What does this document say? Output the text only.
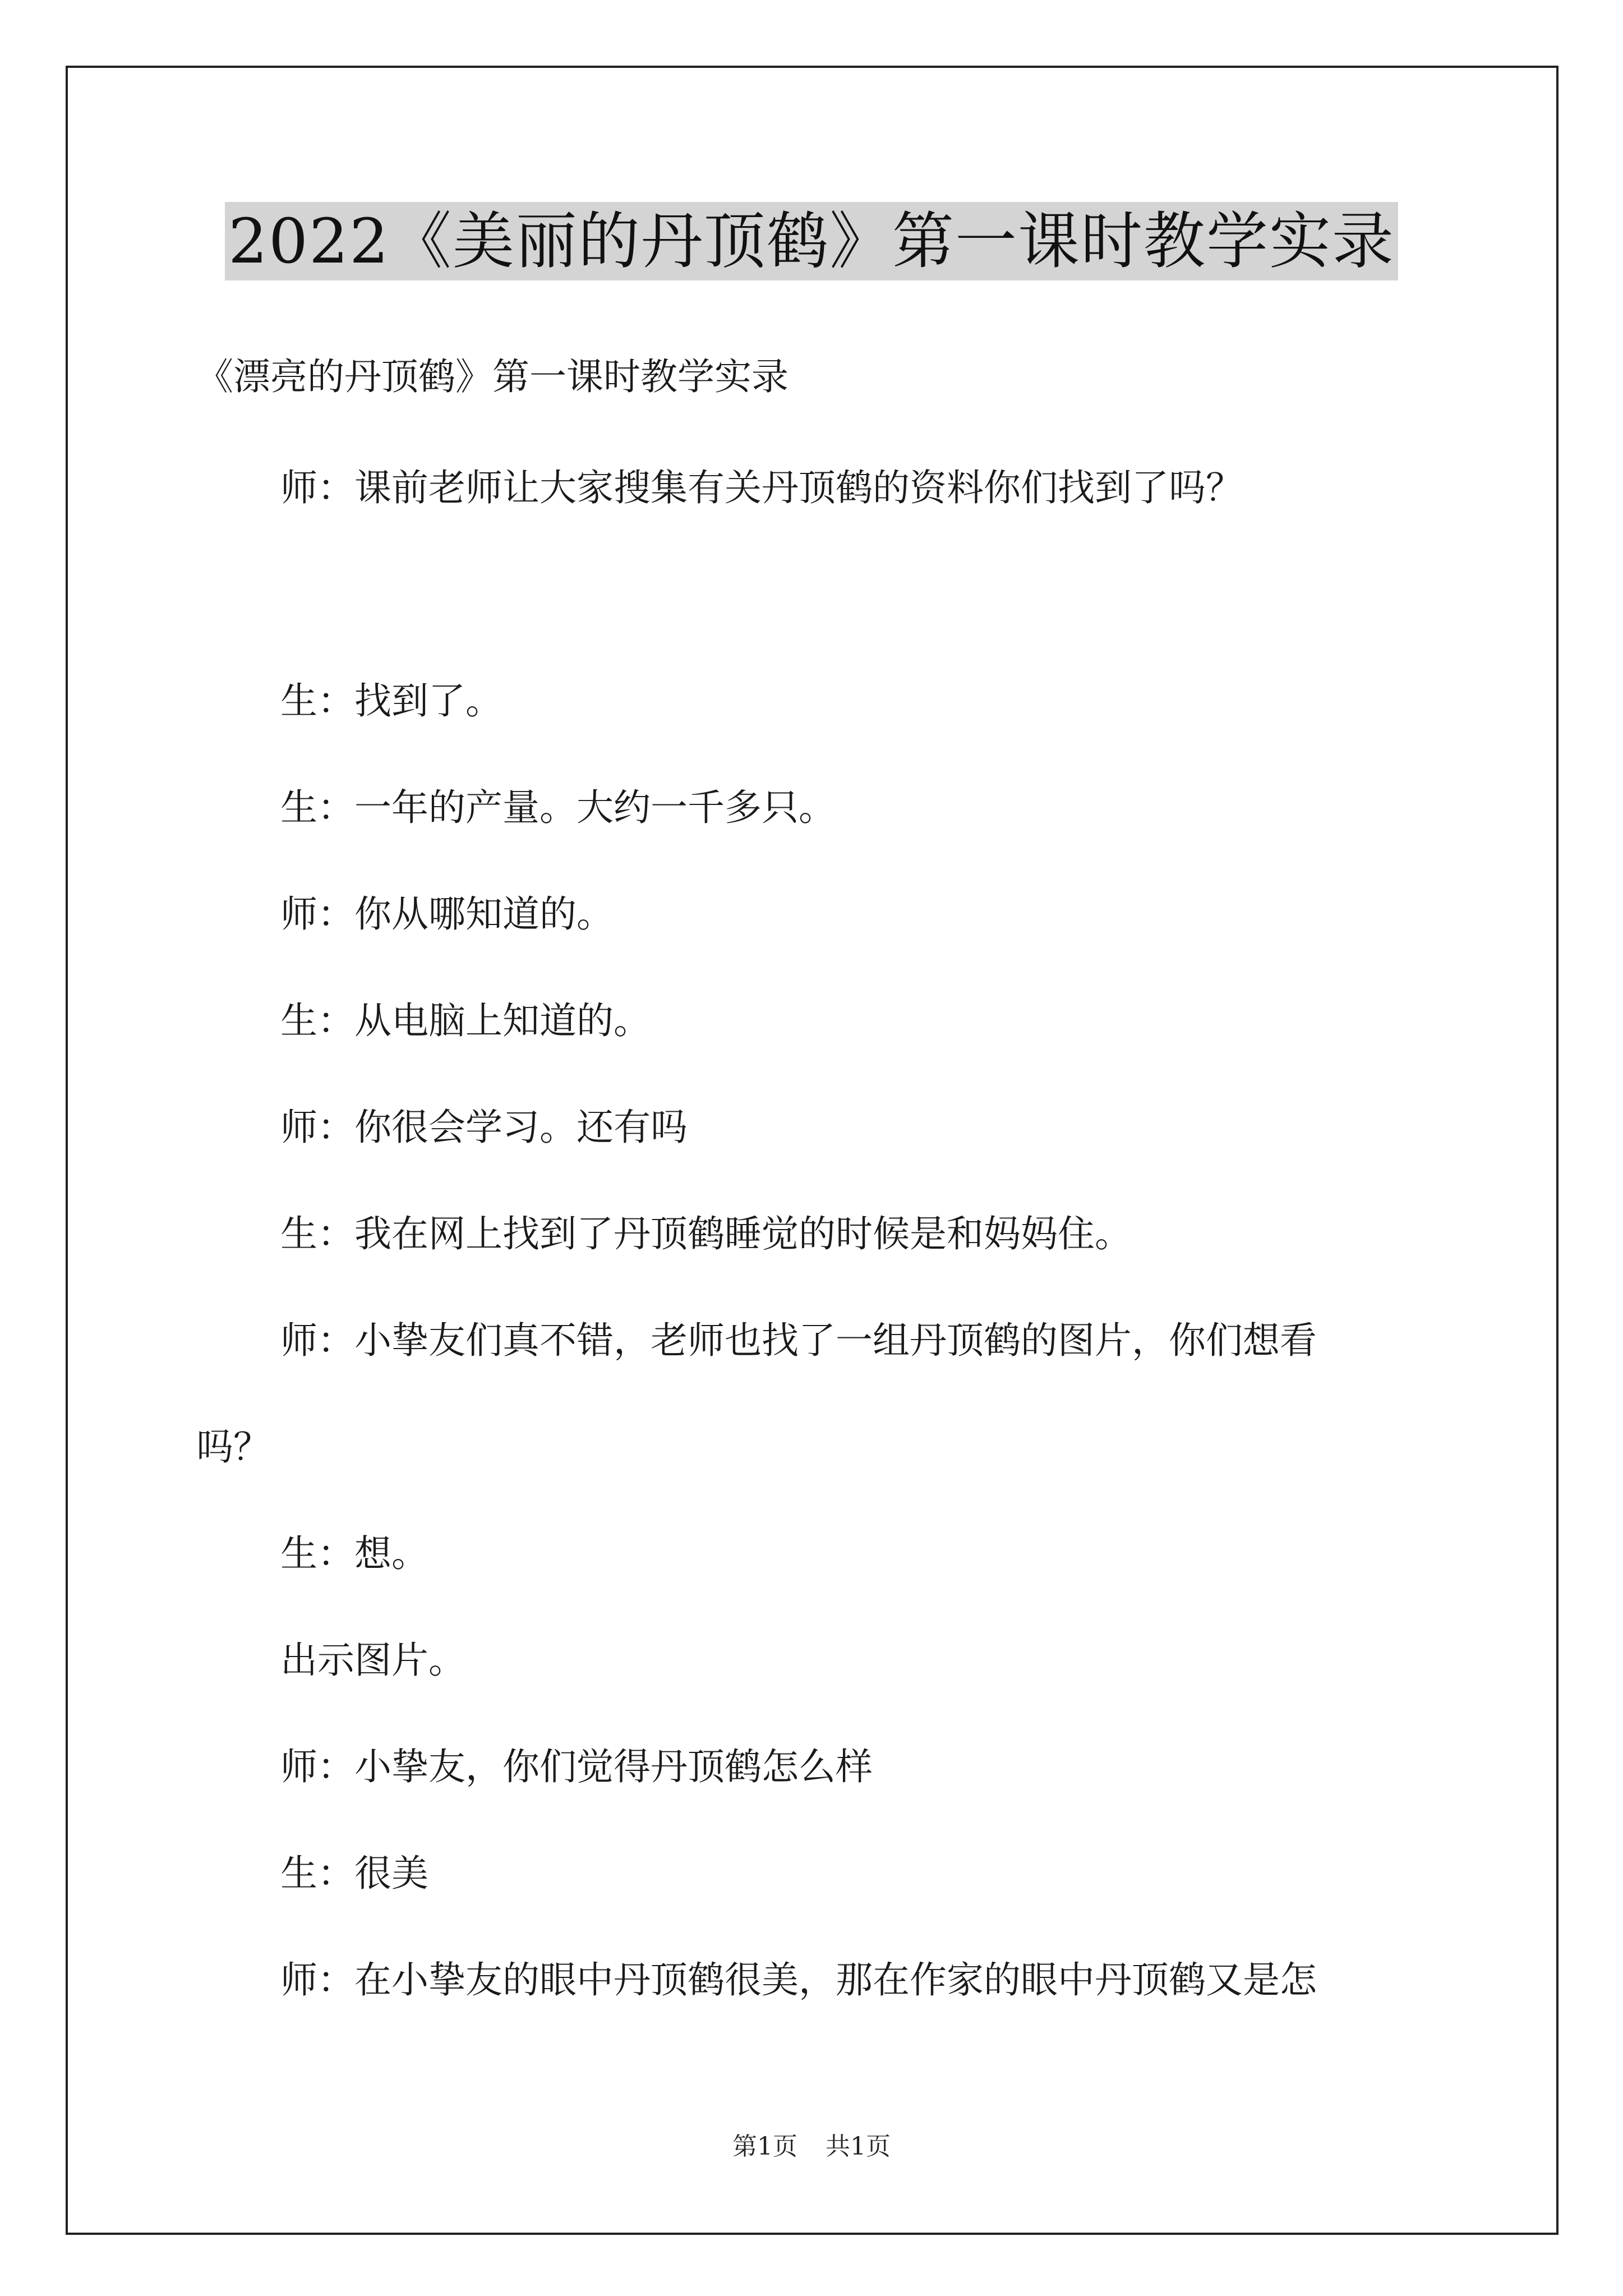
2022《美丽的丹顶鹤》第一课时教学实录
《漂亮的丹顶鹤》第一课时教学实录
师：课前老师让大家搜集有关丹顶鹤的资料你们找到了吗？
生：找到了。
生：一年的产量。大约一千多只。
师：你从哪知道的。
生：从电脑上知道的。
师：你很会学习。还有吗
生：我在网上找到了丹顶鹤睡觉的时候是和妈妈住。
师：小挚友们真不错，老师也找了一组丹顶鹤的图片，你们想看
吗？
生：想。
出示图片。
师：小挚友，你们觉得丹顶鹤怎么样
生：很美
师：在小挚友的眼中丹顶鹤很美，那在作家的眼中丹顶鹤又是怎
第1页 共1页
